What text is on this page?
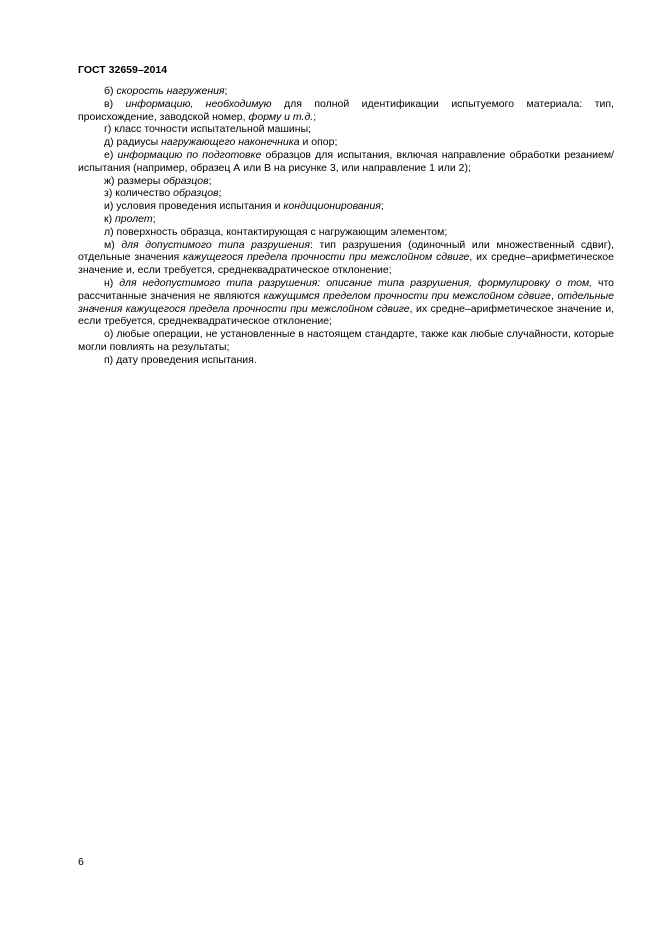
ГОСТ 32659–2014

б) скорость нагружения;

в) информацию, необходимую для полной идентификации испытуемого материала: тип, происхождение, заводской номер, форму и т.д.;

г) класс точности испытательной машины;

д) радиусы нагружающего наконечника и опор;

е) информацию по подготовке образцов для испытания, включая направление обработки резанием/испытания (например, образец А или В на рисунке 3, или направление 1 или 2);

ж) размеры образцов;

з) количество образцов;

и) условия проведения испытания и кондиционирования;

к) пролет;

л) поверхность образца, контактирующая с нагружающим элементом;

м) для допустимого типа разрушения: тип разрушения (одиночный или множественный сдвиг), отдельные значения кажущегося предела прочности при межслойном сдвиге, их средне–арифметическое значение и, если требуется, среднеквадратическое отклонение;

н) для недопустимого типа разрушения: описание типа разрушения, формулировку о том, что рассчитанные значения не являются кажущимся пределом прочности при межслойном сдвиге, отдельные значения кажущегося предела прочности при межслойном сдвиге, их средне–арифметическое значение и, если требуется, среднеквадратическое отклонение;

о) любые операции, не установленные в настоящем стандарте, также как любые случайности, которые могли повлиять на результаты;

п) дату проведения испытания.

6
